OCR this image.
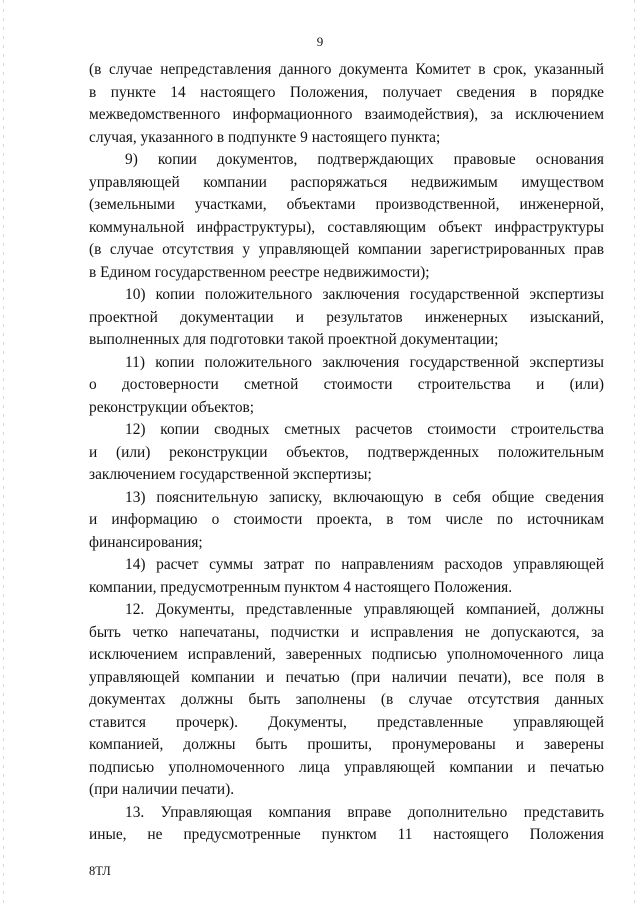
9
(в случае непредставления данного документа Комитет в срок, указанный
в пункте 14 настоящего Положения, получает сведения в порядке
межведомственного информационного взаимодействия), за исключением
случая, указанного в подпункте 9 настоящего пункта;
9) копии документов, подтверждающих правовые основания
управляющей компании распоряжаться недвижимым имуществом
(земельными участками, объектами производственной, инженерной,
коммунальной инфраструктуры), составляющим объект инфраструктуры
(в случае отсутствия у управляющей компании зарегистрированных прав
в Едином государственном реестре недвижимости);
10) копии положительного заключения государственной экспертизы
проектной документации и результатов инженерных изысканий,
выполненных для подготовки такой проектной документации;
11) копии положительного заключения государственной экспертизы
о достоверности сметной стоимости строительства и (или)
реконструкции объектов;
12) копии сводных сметных расчетов стоимости строительства
и (или) реконструкции объектов, подтвержденных положительным
заключением государственной экспертизы;
13) пояснительную записку, включающую в себя общие сведения
и информацию о стоимости проекта, в том числе по источникам
финансирования;
14) расчет суммы затрат по направлениям расходов управляющей
компании, предусмотренным пунктом 4 настоящего Положения.
12. Документы, представленные управляющей компанией, должны
быть четко напечатаны, подчистки и исправления не допускаются, за
исключением исправлений, заверенных подписью уполномоченного лица
управляющей компании и печатью (при наличии печати), все поля в
документах должны быть заполнены (в случае отсутствия данных
ставится прочерк). Документы, представленные управляющей
компанией, должны быть прошиты, пронумерованы и заверены
подписью уполномоченного лица управляющей компании и печатью
(при наличии печати).
13. Управляющая компания вправе дополнительно представить
иные, не предусмотренные пунктом 11 настоящего Положения
8ТЛ
